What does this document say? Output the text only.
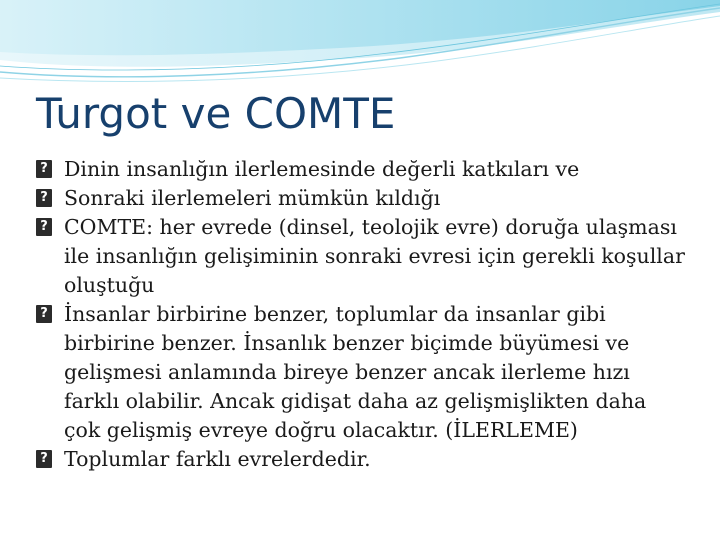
Turgot ve COMTE
?
Dinin insanlığın ilerlemesinde değerli katkıları ve
?
Sonraki ilerlemeleri mümkün kıldığı
?
COMTE: her evrede (dinsel, teolojik evre) doruğa ulaşması ile insanlığın gelişiminin sonraki evresi için gerekli koşullar oluştuğu
?
İnsanlar birbirine benzer, toplumlar da insanlar gibi birbirine benzer. İnsanlık benzer biçimde büyümesi ve gelişmesi anlamında bireye benzer ancak ilerleme hızı farklı olabilir. Ancak gidişat daha az gelişmişlikten daha çok gelişmiş evreye doğru olacaktır. (İLERLEME)
?
Toplumlar farklı evrelerdedir.
